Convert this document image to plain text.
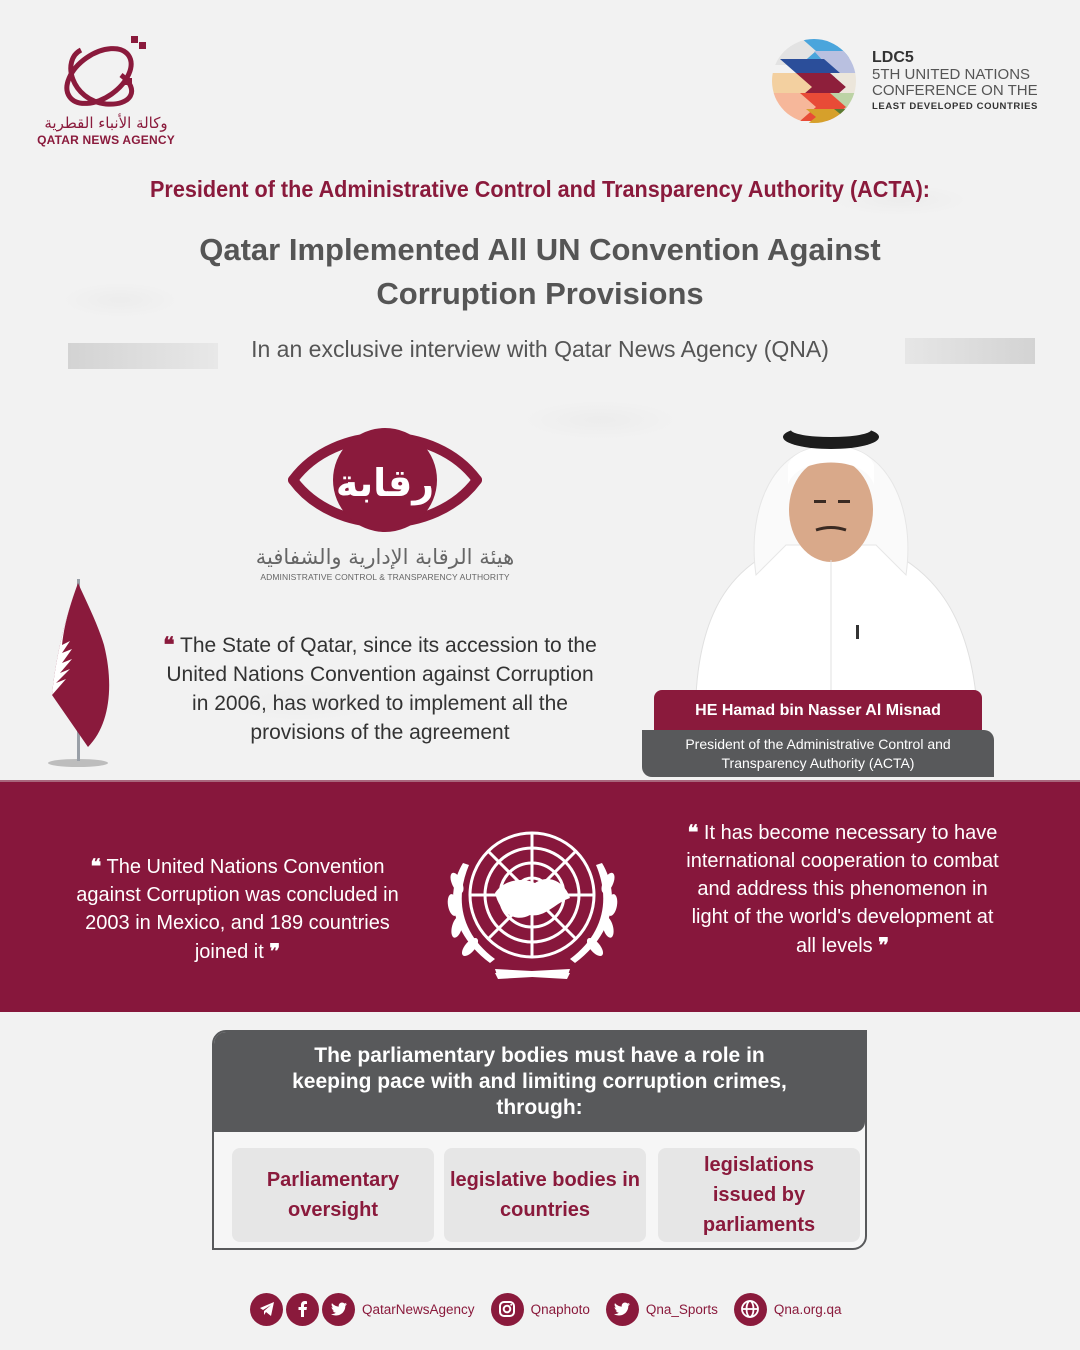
وكالة الأنباء القطرية
QATAR NEWS AGENCY
LDC5
5TH UNITED NATIONS
CONFERENCE ON THE
LEAST DEVELOPED COUNTRIES
President of the Administrative Control and Transparency Authority (ACTA):
Qatar Implemented All UN Convention Against
Corruption Provisions
In an exclusive interview with Qatar News Agency (QNA)
رقابة
هيئة الرقابة الإدارية والشفافية
ADMINISTRATIVE CONTROL & TRANSPARENCY AUTHORITY
❝ The State of Qatar, since its accession to the United Nations Convention against Corruption in 2006, has worked to implement all the provisions of the agreement
HE Hamad bin Nasser Al Misnad
President of the Administrative Control and Transparency Authority (ACTA)
❝ The United Nations Convention against Corruption was concluded in 2003 in Mexico, and 189 countries joined it ❞
❝ It has become necessary to have international cooperation to combat and address this phenomenon in light of the world's development at all levels ❞
The parliamentary bodies must have a role in keeping pace with and limiting corruption crimes, through:
Parliamentary oversight
legislative bodies in countries
legislations issued by parliaments
QatarNewsAgency	Qnaphoto	Qna_Sports	Qna.org.qa
